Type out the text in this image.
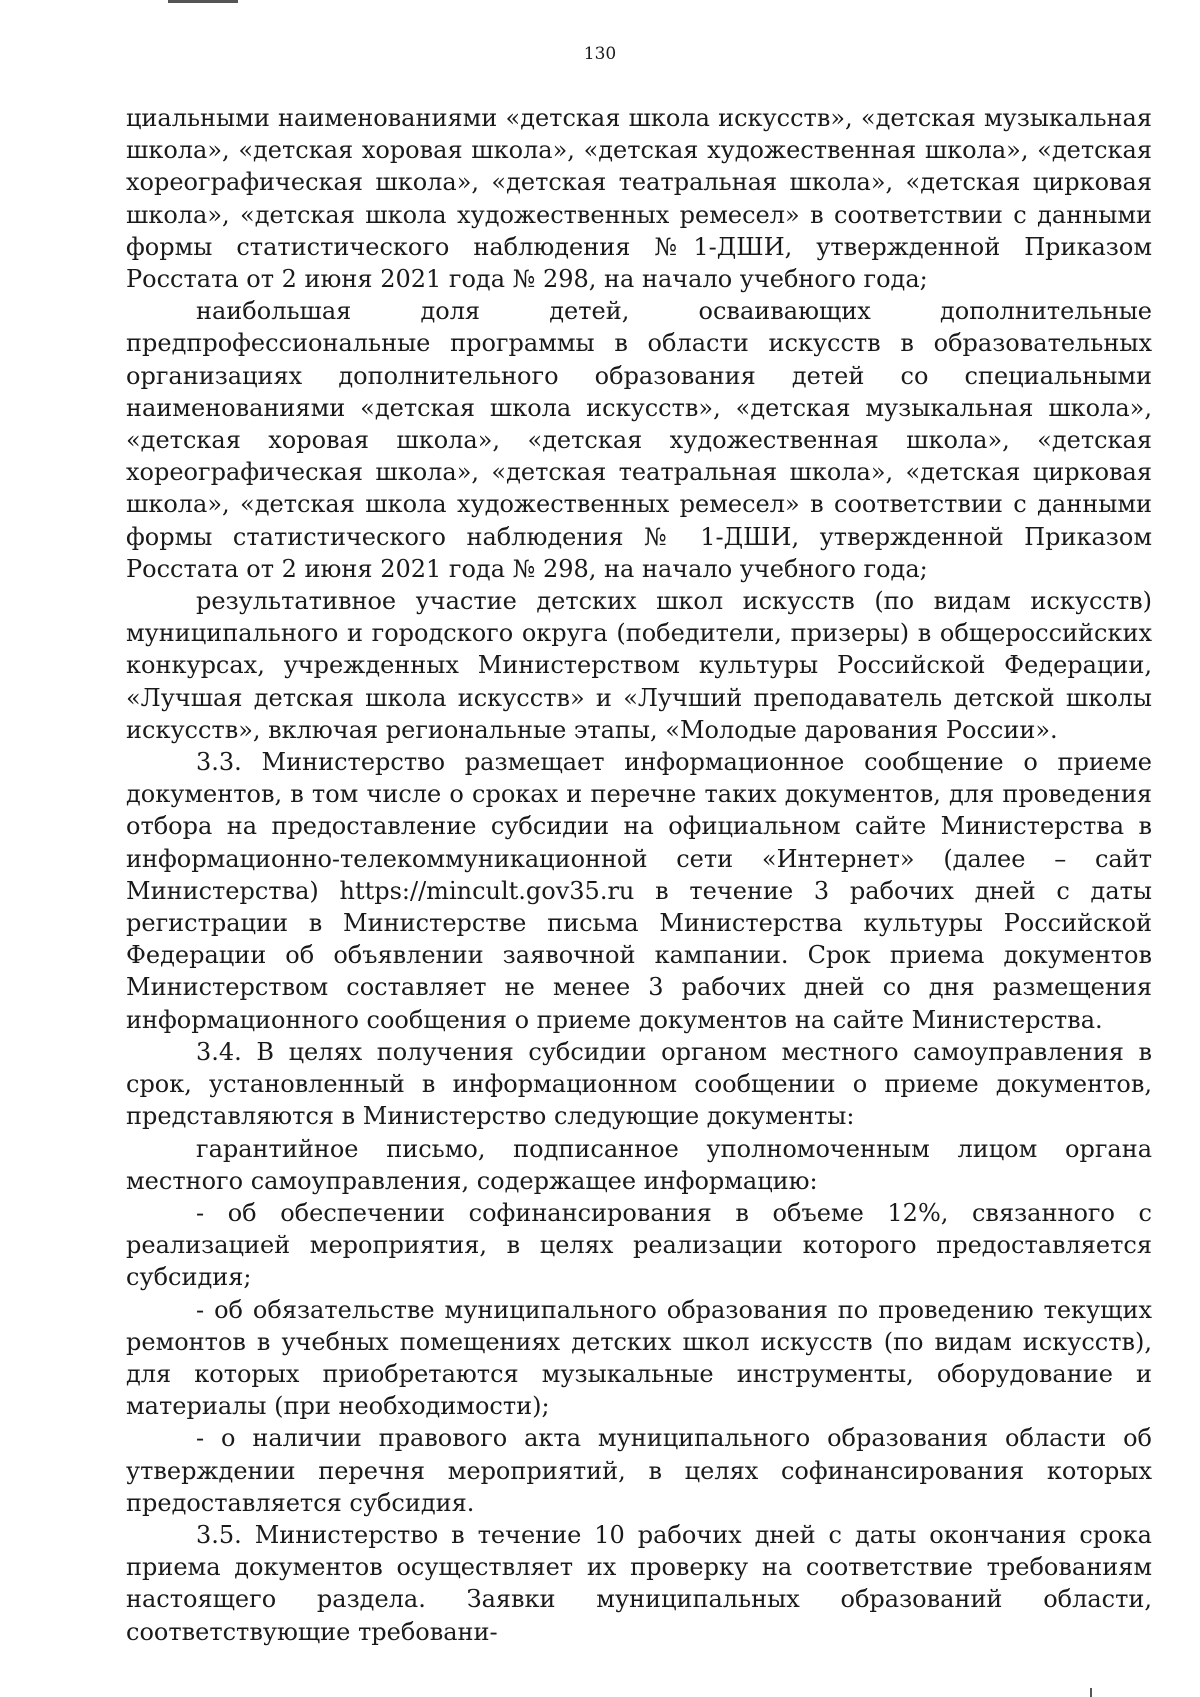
130

циальными наименованиями «детская школа искусств», «детская музыкальная школа», «детская хоровая школа», «детская художественная школа», «детская хореографическая школа», «детская театральная школа», «детская цирковая школа», «детская школа художественных ремесел» в соответствии с данными формы статистического наблюдения №1-ДШИ, утвержденной Приказом Росстата от 2 июня 2021 года № 298, на начало учебного года;

наибольшая доля детей, осваивающих дополнительные предпрофессиональные программы в области искусств в образовательных организациях дополнительного образования детей со специальными наименованиями «детская школа искусств», «детская музыкальная школа», «детская хоровая школа», «детская художественная школа», «детская хореографическая школа», «детская театральная школа», «детская цирковая школа», «детская школа художественных ремесел» в соответствии с данными формы статистического наблюдения № 1-ДШИ, утвержденной Приказом Росстата от 2 июня 2021 года № 298, на начало учебного года;

результативное участие детских школ искусств (по видам искусств) муниципального и городского округа (победители, призеры) в общероссийских конкурсах, учрежденных Министерством культуры Российской Федерации, «Лучшая детская школа искусств» и «Лучший преподаватель детской школы искусств», включая региональные этапы, «Молодые дарования России».

3.3. Министерство размещает информационное сообщение о приеме документов, в том числе о сроках и перечне таких документов, для проведения отбора на предоставление субсидии на официальном сайте Министерства в информационно-телекоммуникационной сети «Интернет» (далее – сайт Министерства) https://mincult.gov35.ru в течение 3 рабочих дней с даты регистрации в Министерстве письма Министерства культуры Российской Федерации об объявлении заявочной кампании. Срок приема документов Министерством составляет не менее 3 рабочих дней со дня размещения информационного сообщения о приеме документов на сайте Министерства.

3.4. В целях получения субсидии органом местного самоуправления в срок, установленный в информационном сообщении о приеме документов, представляются в Министерство следующие документы:

гарантийное письмо, подписанное уполномоченным лицом органа местного самоуправления, содержащее информацию:

- об обеспечении софинансирования в объеме 12%, связанного с реализацией мероприятия, в целях реализации которого предоставляется субсидия;

- об обязательстве муниципального образования по проведению текущих ремонтов в учебных помещениях детских школ искусств (по видам искусств), для которых приобретаются музыкальные инструменты, оборудование и материалы (при необходимости);

- о наличии правового акта муниципального образования области об утверждении перечня мероприятий, в целях софинансирования которых предоставляется субсидия.

3.5. Министерство в течение 10 рабочих дней с даты окончания срока приема документов осуществляет их проверку на соответствие требованиям настоящего раздела. Заявки муниципальных образований области, соответствующие требовани-
